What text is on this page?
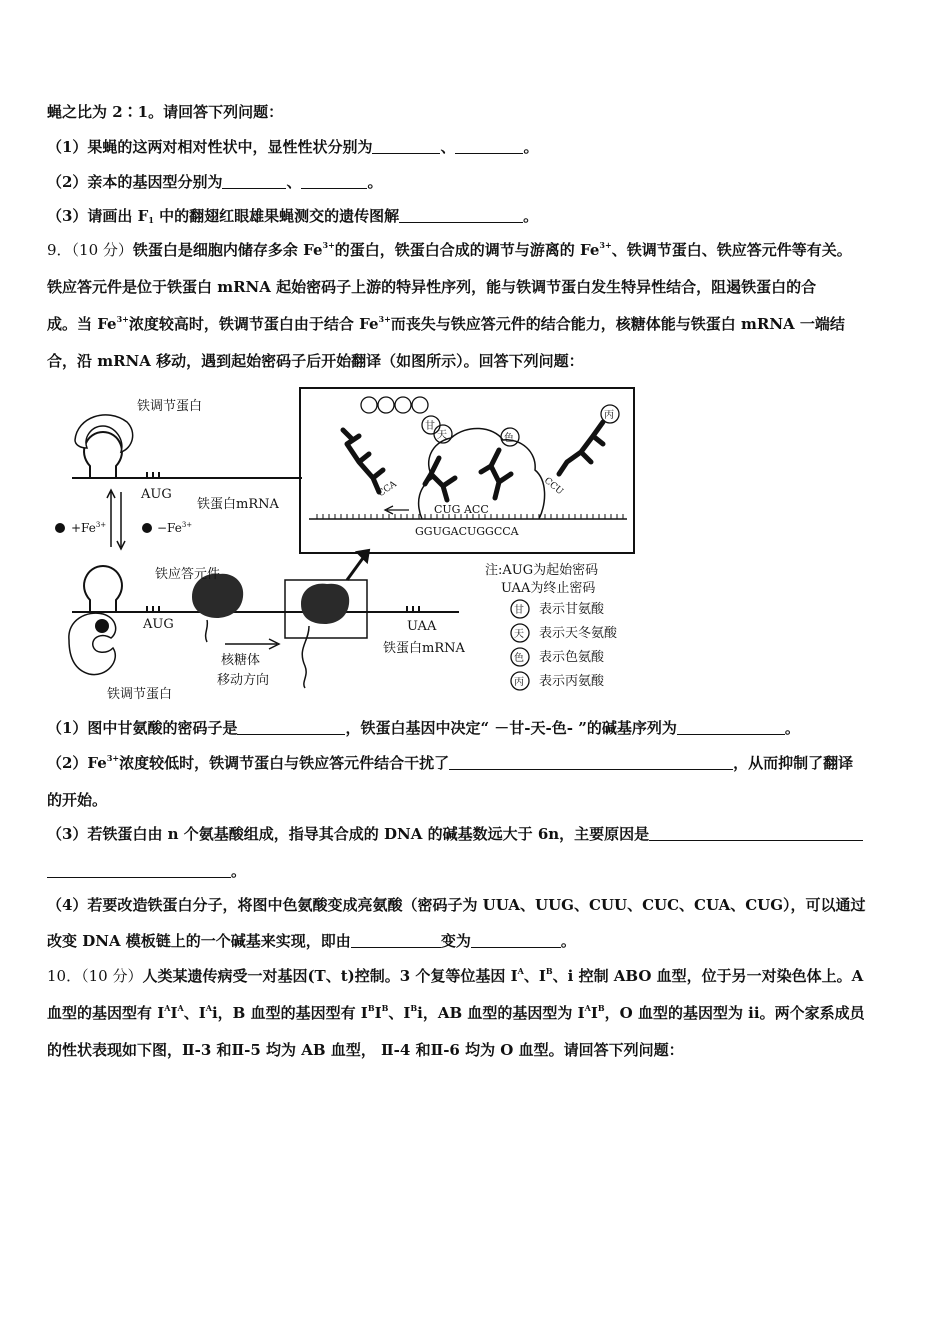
蝇之比为 2∶1。请回答下列问题：
（1）果蝇的这两对相对性状中，显性性状分别为	、	。
（2）亲本的基因型分别为	、	。
（3）请画出 $F_1$ 中的翻翅红眼雄果蝇测交的遗传图解	。
9．（10 分）铁蛋白是细胞内储存多余 $Fe^{3+}$的蛋白，铁蛋白合成的调节与游离的 $Fe^{3+}$、铁调节蛋白、铁应答元件等有关。
铁应答元件是位于铁蛋白 mRNA 起始密码子上游的特异性序列，能与铁调节蛋白发生特异性结合，阻遏铁蛋白的合
成。当 $Fe^{3+}$浓度较高时，铁调节蛋白由于结合 $Fe^{3+}$而丧失与铁应答元件的结合能力，核糖体能与铁蛋白 mRNA 一端结
合，沿 mRNA 移动，遇到起始密码子后开始翻译（如图所示）。回答下列问题：
铁调节蛋白
AUG
铁蛋白mRNA
$+Fe^{3+}$	$-Fe^{3+}$
铁应答元件
AUG	UAA
铁蛋白mRNA
核糖体
移动方向
铁调节蛋白
CCA	CCU
CUG ACC
GGUGACUGGCCA
甘
天	色
丙
注:AUG为起始密码
UAA为终止密码
甘
天
色
丙
表示甘氨酸
表示天冬氨酸
表示色氨酸
表示丙氨酸
（1）图中甘氨酸的密码子是	，铁蛋白基因中决定“ －甘-天-色- ”的碱基序列为	。
$(2)Fe^{3+}$浓度较低时，铁调节蛋白与铁应答元件结合干扰了	，从而抑制了翻译
的开始。
（3）若铁蛋白由 n 个氨基酸组成，指导其合成的 DNA 的碱基数远大于 6n，主要原因是
。
（4）若要改造铁蛋白分子，将图中色氨酸变成亮氨酸（密码子为 UUA、UUG、CUU、CUC、CUA、CUG），可以通过
改变 DNA 模板链上的一个碱基来实现，即由	变为	。
10．（10 分）人类某遗传病受一对基因(T、t)控制。3 个复等位基因 $I^A$、$I^B$、i 控制 ABO 血型，位于另一对染色体上。A
血型的基因型有 $I^AI^A$、$I^Ai$，B 血型的基因型有 $I^BI^B$、$I^Bi$，AB 血型的基因型为 $I^AI^B$，O 血型的基因型为 ii。两个家系成员
的性状表现如下图，Ⅱ-3 和Ⅱ-5 均为 AB 血型， Ⅱ-4 和Ⅱ-6 均为 O 血型。请回答下列问题：
